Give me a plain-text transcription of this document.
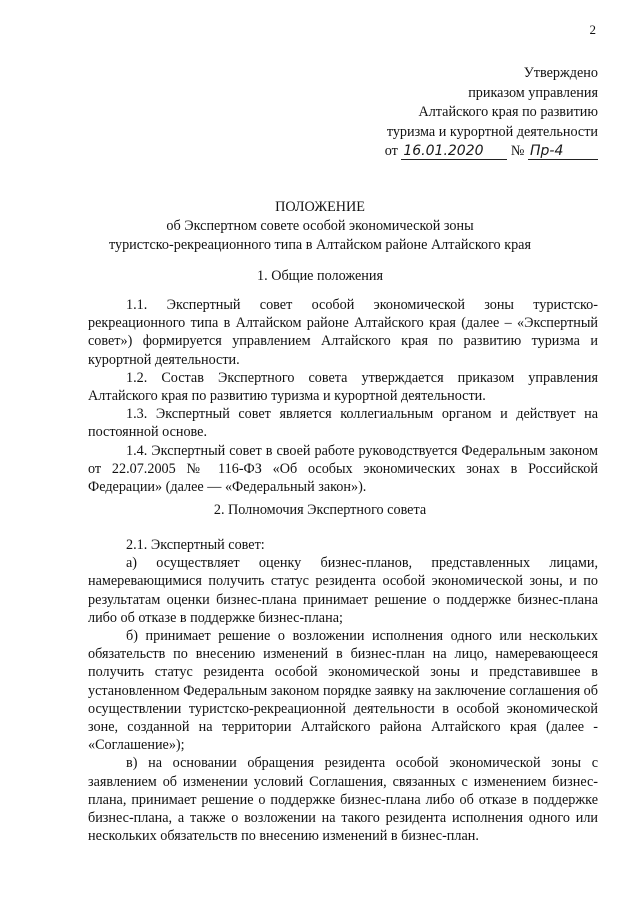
2
Утверждено
приказом управления
Алтайского края по развитию
туризма и курортной деятельности
от 16.01.2020 № Пр-4
ПОЛОЖЕНИЕ
об Экспертном совете особой экономической зоны
туристско-рекреационного типа в Алтайском районе Алтайского края
1. Общие положения

1.1. Экспертный совет особой экономической зоны туристско-рекреационного типа в Алтайском районе Алтайского края (далее – «Экспертный совет») формируется управлением Алтайского края по развитию туризма и курортной деятельности.

1.2. Состав Экспертного совета утверждается приказом управления Алтайского края по развитию туризма и курортной деятельности.

1.3. Экспертный совет является коллегиальным органом и действует на постоянной основе.

1.4. Экспертный совет в своей работе руководствуется Федеральным законом от 22.07.2005 № 116-ФЗ «Об особых экономических зонах в Российской Федерации» (далее — «Федеральный закон»).

2. Полномочия Экспертного совета

2.1. Экспертный совет:

а) осуществляет оценку бизнес-планов, представленных лицами, намеревающимися получить статус резидента особой экономической зоны, и по результатам оценки бизнес-плана принимает решение о поддержке бизнес-плана либо об отказе в поддержке бизнес-плана;

б) принимает решение о возложении исполнения одного или нескольких обязательств по внесению изменений в бизнес-план на лицо, намеревающееся получить статус резидента особой экономической зоны и представившее в установленном Федеральным законом порядке заявку на заключение соглашения об осуществлении туристско-рекреационной деятельности в особой экономической зоне, созданной на территории Алтайского района Алтайского края (далее - «Соглашение»);

в) на основании обращения резидента особой экономической зоны с заявлением об изменении условий Соглашения, связанных с изменением бизнес-плана, принимает решение о поддержке бизнес-плана либо об отказе в поддержке бизнес-плана, а также о возложении на такого резидента исполнения одного или нескольких обязательств по внесению изменений в бизнес-план.
